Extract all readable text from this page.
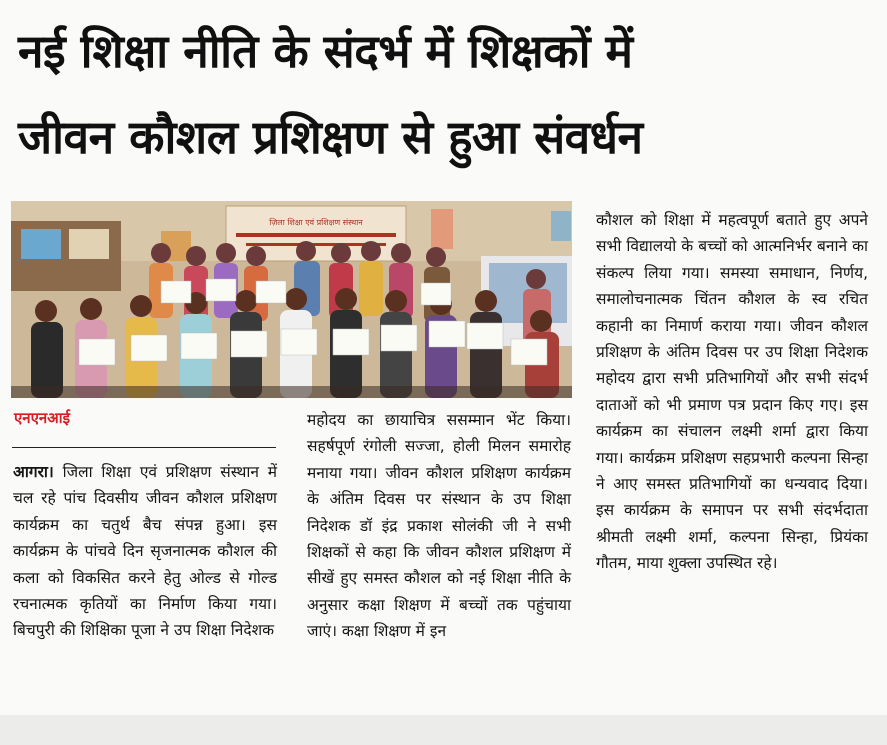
नई शिक्षा नीति के संदर्भ में शिक्षकों में
जीवन कौशल प्रशिक्षण से हुआ संवर्धन
ज़िला शिक्षा एवं प्रशिक्षण संस्थान
एनएनआई

आगरा। जिला शिक्षा एवं प्रशिक्षण संस्थान में चल रहे पांच दिवसीय जीवन कौशल प्रशिक्षण कार्यक्रम का चतुर्थ बैच संपन्न हुआ। इस कार्यक्रम के पांचवे दिन सृजनात्मक कौशल की कला को विकसित करने हेतु ओल्ड से गोल्ड रचनात्मक कृतियों का निर्माण किया गया। बिचपुरी की शिक्षिका पूजा ने उप शिक्षा निदेशक

महोदय का छायाचित्र ससम्मान भेंट किया। सहर्षपूर्ण रंगोली सज्जा, होली मिलन समारोह मनाया गया। जीवन कौशल प्रशिक्षण कार्यक्रम के अंतिम दिवस पर संस्थान के उप शिक्षा निदेशक डॉ इंद्र प्रकाश सोलंकी जी ने सभी शिक्षकों से कहा कि जीवन कौशल प्रशिक्षण में सीखें हुए समस्त कौशल को नई शिक्षा नीति के अनुसार कक्षा शिक्षण में बच्चों तक पहुंचाया जाएं। कक्षा शिक्षण में इन

कौशल को शिक्षा में महत्वपूर्ण बताते हुए अपने सभी विद्यालयो के बच्चों को आत्मनिर्भर बनाने का संकल्प लिया गया। समस्या समाधान, निर्णय, समालोचनात्मक चिंतन कौशल के स्व रचित कहानी का निमार्ण कराया गया। जीवन कौशल प्रशिक्षण के अंतिम दिवस पर उप शिक्षा निदेशक महोदय द्वारा सभी प्रतिभागियों और सभी संदर्भ दाताओं को भी प्रमाण पत्र प्रदान किए गए। इस कार्यक्रम का संचालन लक्ष्मी शर्मा द्वारा किया गया। कार्यक्रम प्रशिक्षण सहप्रभारी कल्पना सिन्हा ने आए समस्त प्रतिभागियों का धन्यवाद दिया। इस कार्यक्रम के समापन पर सभी संदर्भदाता श्रीमती लक्ष्मी शर्मा, कल्पना सिन्हा, प्रियंका गौतम, माया शुक्ला उपस्थित रहे।
